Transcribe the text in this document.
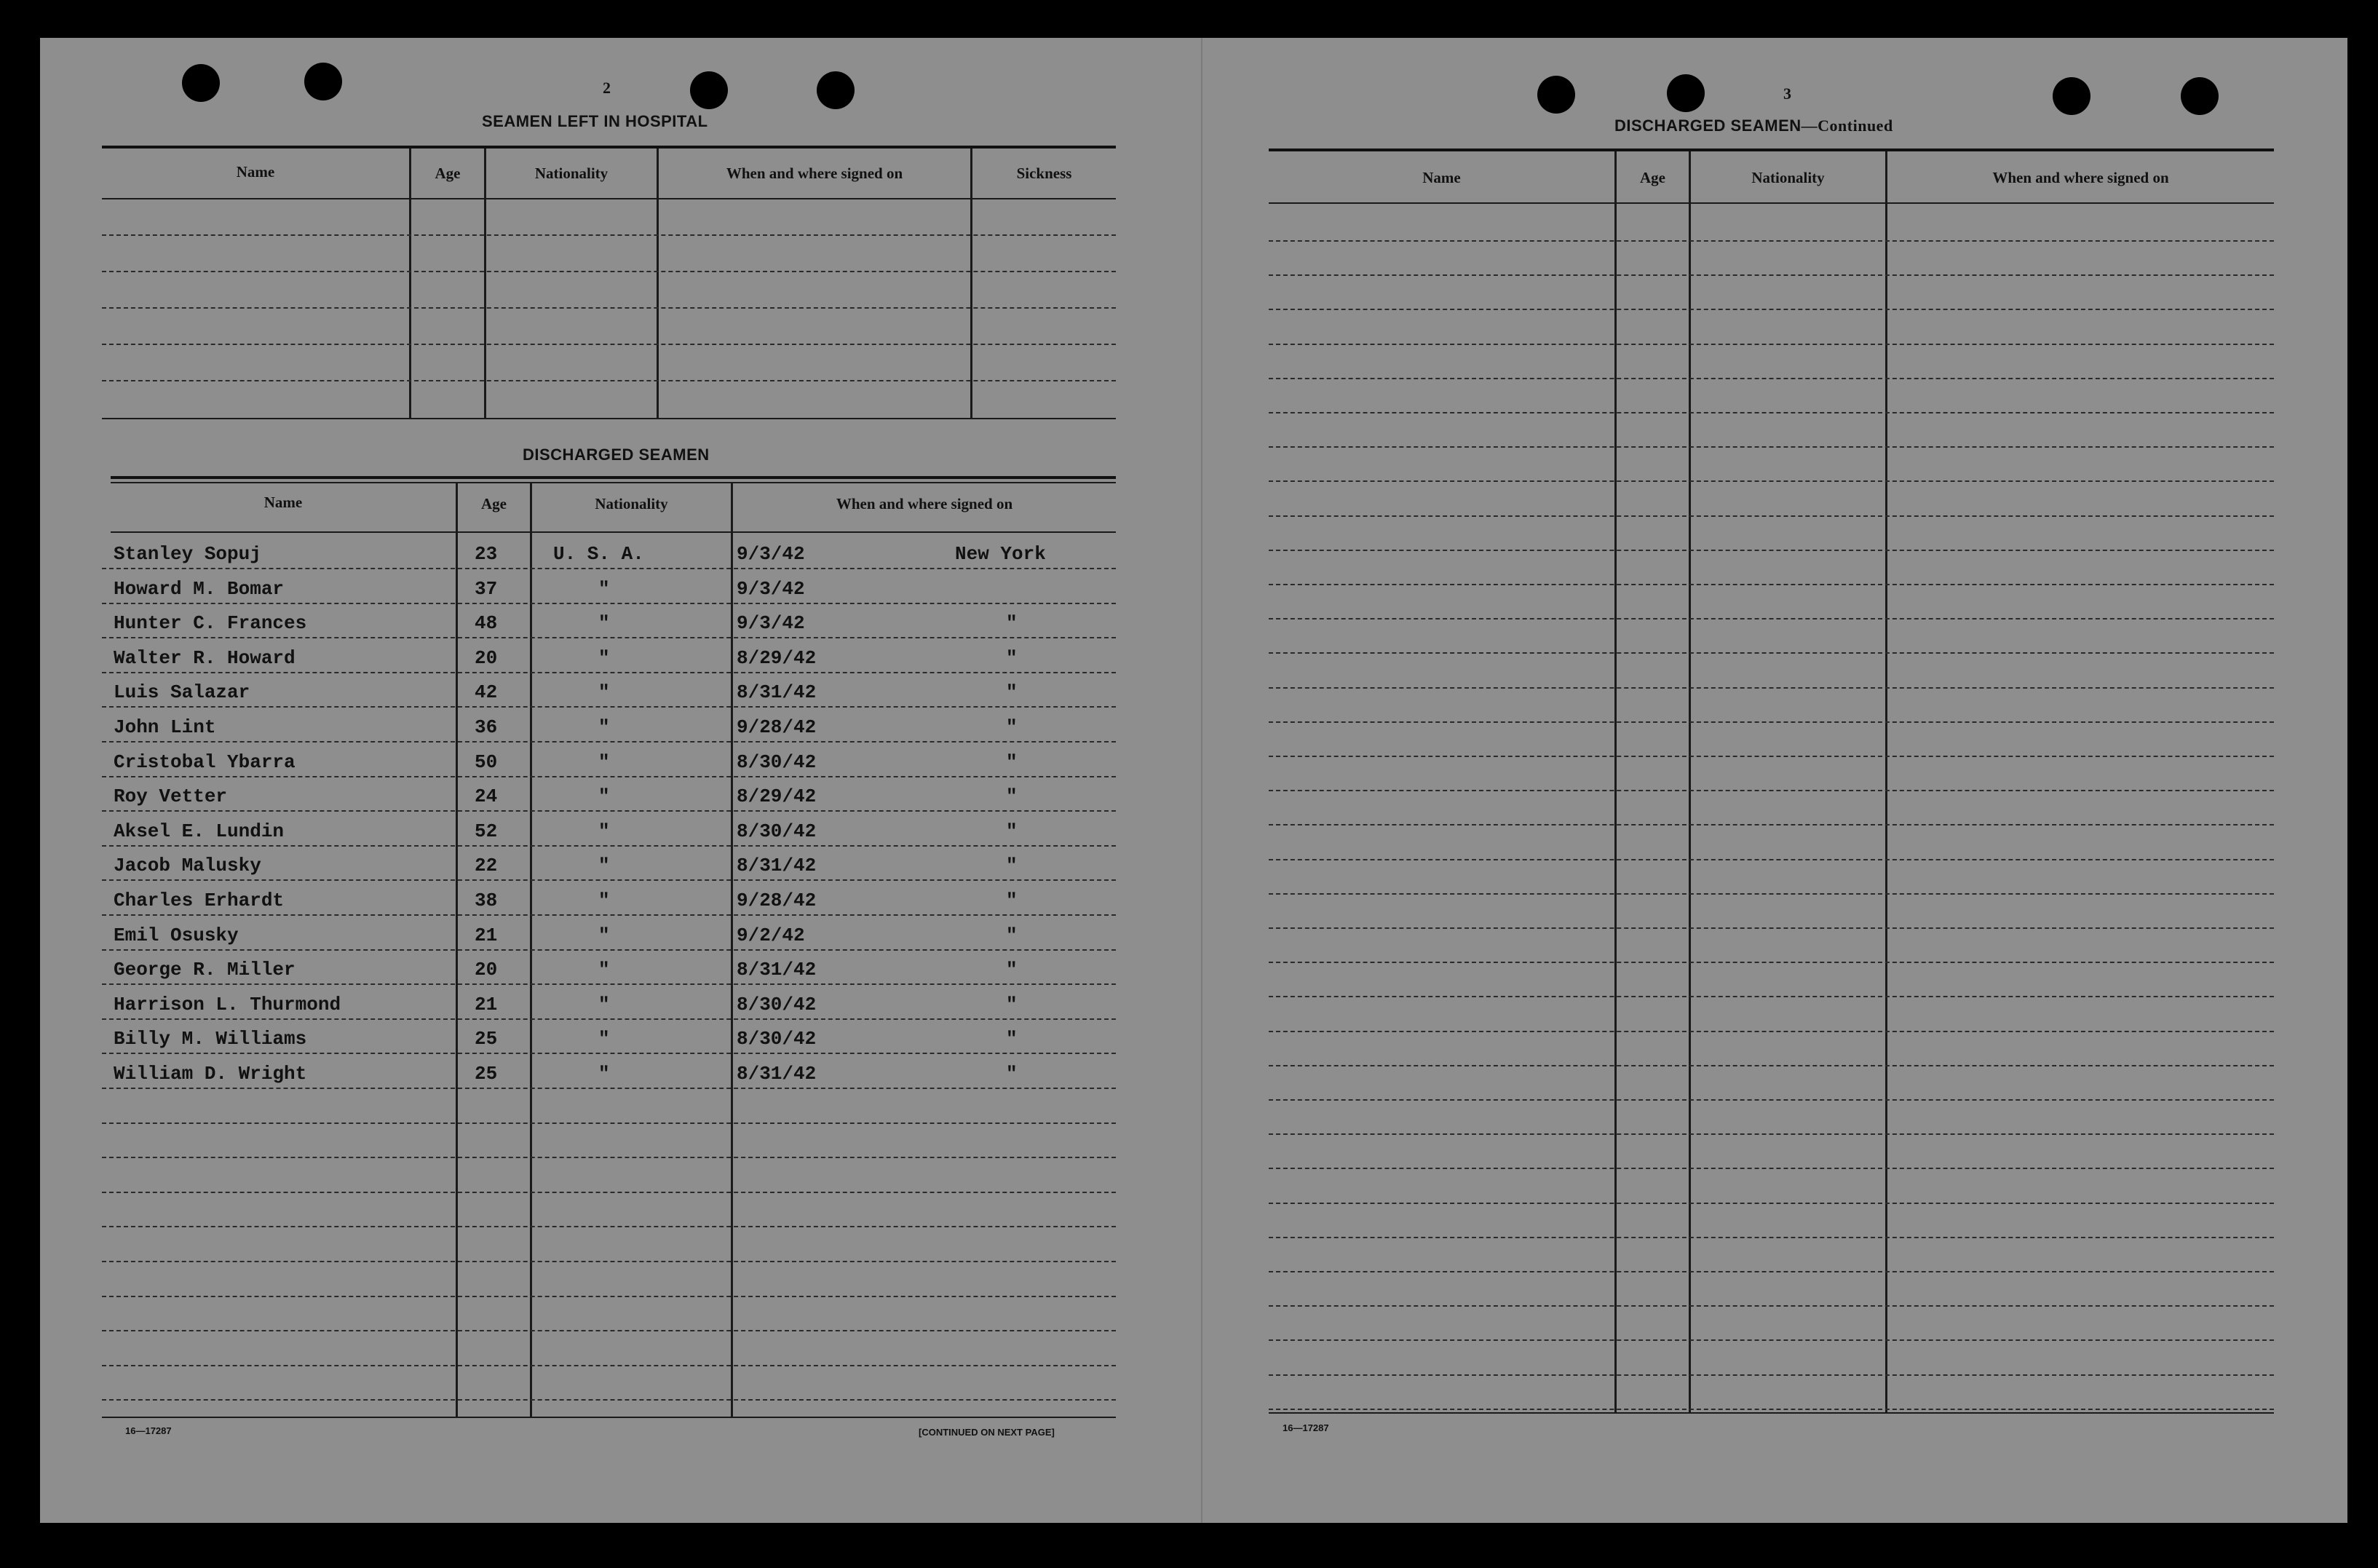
2
SEAMEN LEFT IN HOSPITAL
Name	Age	Nationality	When and where signed on	Sickness
DISCHARGED SEAMEN
Name	Age	Nationality	When and where signed on
Stanley Sopuj	23	U. S. A.	9/3/42	New York
Howard M. Bomar	37	"	9/3/42
Hunter C. Frances	48	"	9/3/42	"
Walter R. Howard	20	"	8/29/42	"
Luis Salazar	42	"	8/31/42	"
John Lint	36	"	9/28/42	"
Cristobal Ybarra	50	"	8/30/42	"
Roy Vetter	24	"	8/29/42	"
Aksel E. Lundin	52	"	8/30/42	"
Jacob Malusky	22	"	8/31/42	"
Charles Erhardt	38	"	9/28/42	"
Emil Osusky	21	"	9/2/42	"
George R. Miller	20	"	8/31/42	"
Harrison L. Thurmond	21	"	8/30/42	"
Billy M. Williams	25	"	8/30/42	"
William D. Wright	25	"	8/31/42	"
16—17287	[CONTINUED ON NEXT PAGE]
3
DISCHARGED SEAMEN—Continued
Name	Age	Nationality	When and where signed on
16—17287
